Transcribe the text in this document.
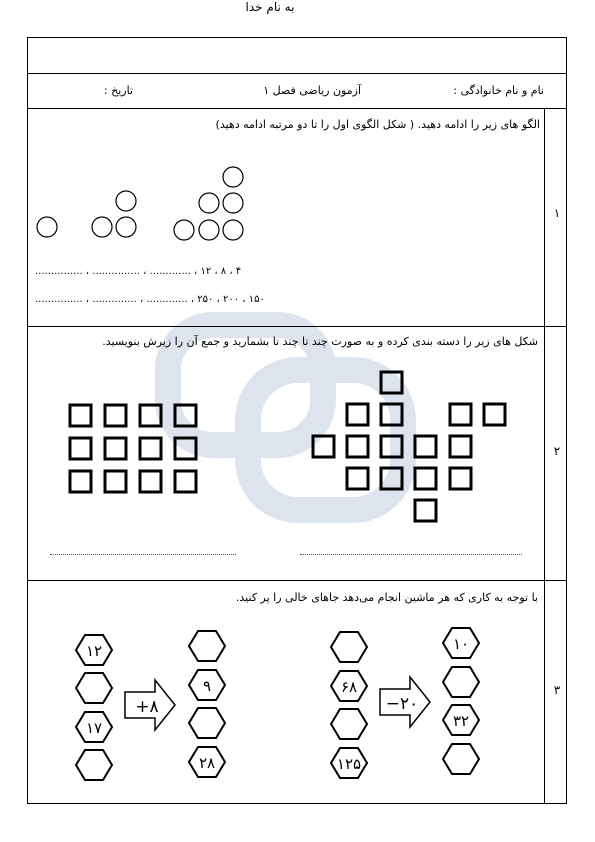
به نام خدا
نام و نام خانوادگی :
آزمون ریاضی فصل ۱
تاریخ :
۱
الگو های زیر را ادامه دهید. ( شکل الگوی اول را تا دو مرتبه ادامه دهید)
۴ ، ۸ ، ۱۲ ، ............. ، ............... ، ...............
۱۵۰ ، ۲۰۰ ، ۲۵۰ ، ............. ، .............. ، ...............
۲
شکل های زیر را دسته بندی کرده و به صورت چند تا چند تا بشمارید و جمع آن را زیرش بنویسید.
۳
با توجه به کاری که هر ماشین انجام می‌دهد جاهای خالی را پر کنید.
۱۲
۱۷
+۸
۹
۲۸
۶۸
۱۲۵
−۲۰
۱۰
۳۲
